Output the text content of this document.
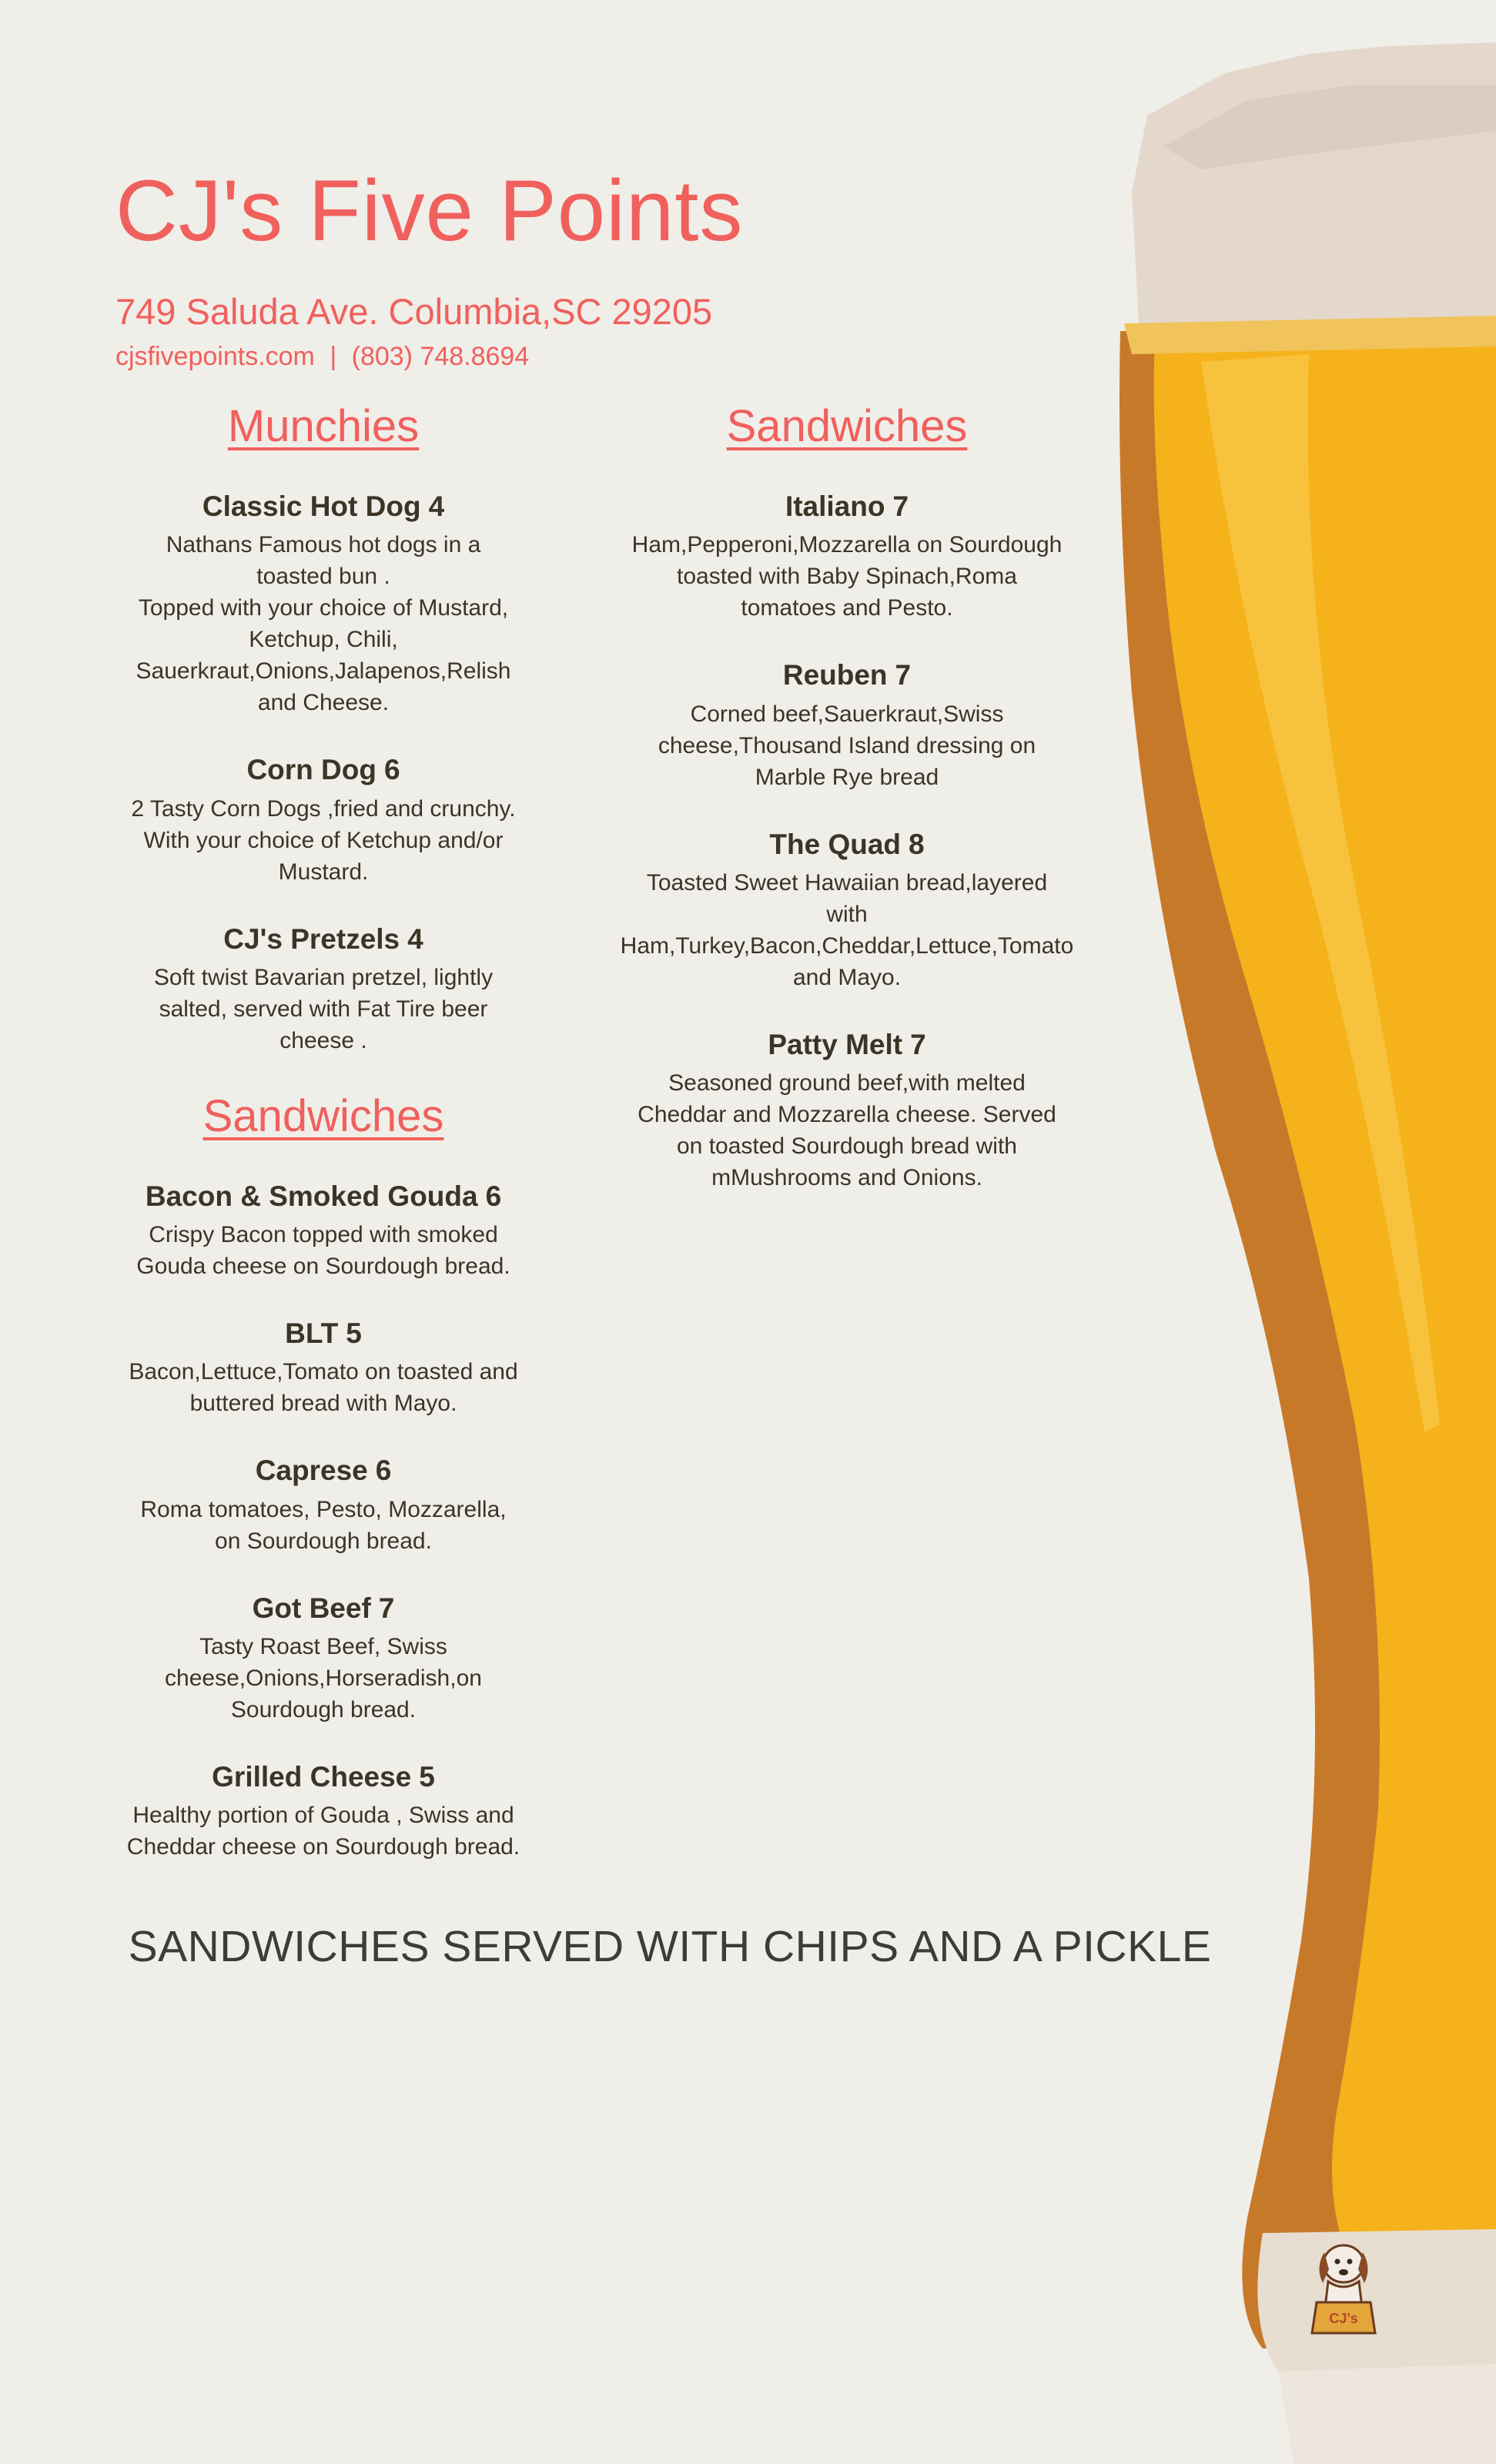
CJ's Five Points
749 Saluda Ave. Columbia,SC 29205
cjsfivepoints.com | (803) 748.8694
Munchies
Classic Hot Dog 4
Nathans Famous hot dogs in a
toasted bun .
Topped with your choice of Mustard,
Ketchup, Chili,
Sauerkraut,Onions,Jalapenos,Relish
and Cheese.
Corn Dog 6
2 Tasty Corn Dogs ,fried and crunchy.
With your choice of Ketchup and/or
Mustard.
CJ's Pretzels 4
Soft twist Bavarian pretzel, lightly
salted, served with Fat Tire beer
cheese .
Sandwiches
Bacon & Smoked Gouda 6
Crispy Bacon topped with smoked
Gouda cheese on Sourdough bread.
BLT 5
Bacon,Lettuce,Tomato on toasted and
buttered bread with Mayo.
Caprese 6
Roma tomatoes, Pesto, Mozzarella,
on Sourdough bread.
Got Beef 7
Tasty Roast Beef, Swiss
cheese,Onions,Horseradish,on
Sourdough bread.
Grilled Cheese 5
Healthy portion of Gouda , Swiss and
Cheddar cheese on Sourdough bread.
Sandwiches
Italiano 7
Ham,Pepperoni,Mozzarella on Sourdough
toasted with Baby Spinach,Roma
tomatoes and Pesto.
Reuben 7
Corned beef,Sauerkraut,Swiss
cheese,Thousand Island dressing on
Marble Rye bread
The Quad 8
Toasted Sweet Hawaiian bread,layered
with
Ham,Turkey,Bacon,Cheddar,Lettuce,Tomato
and Mayo.
Patty Melt 7
Seasoned ground beef,with melted
Cheddar and Mozzarella cheese. Served
on toasted Sourdough bread with
mMushrooms and Onions.
SANDWICHES SERVED WITH CHIPS AND A PICKLE
CJ's
